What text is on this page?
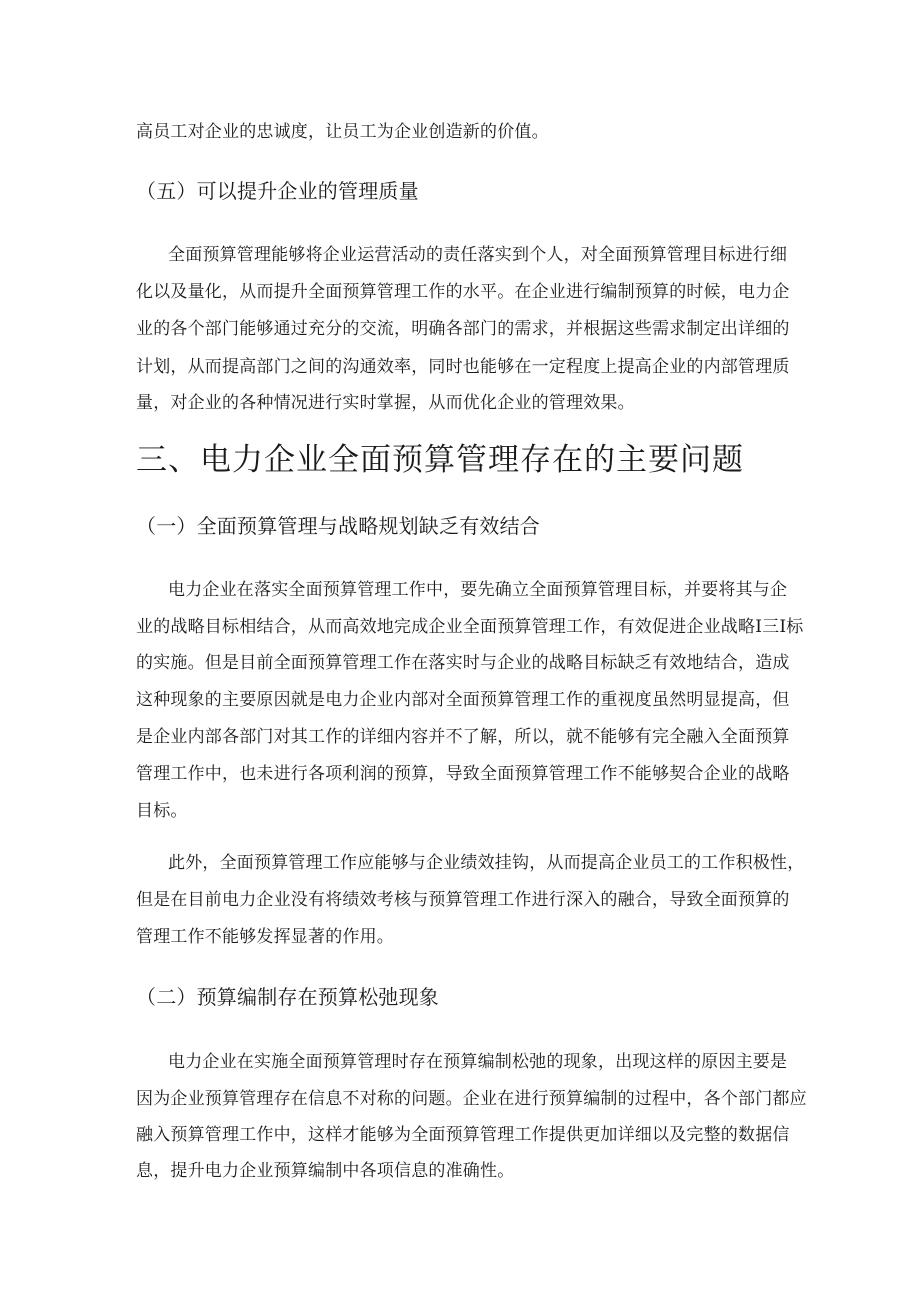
高员工对企业的忠诚度，让员工为企业创造新的价值。
（五）可以提升企业的管理质量
全面预算管理能够将企业运营活动的责任落实到个人，对全面预算管理目标进行细
化以及量化，从而提升全面预算管理工作的水平。在企业进行编制预算的时候，电力企
业的各个部门能够通过充分的交流，明确各部门的需求，并根据这些需求制定出详细的
计划，从而提高部门之间的沟通效率，同时也能够在一定程度上提高企业的内部管理质
量，对企业的各种情况进行实时掌握，从而优化企业的管理效果。
三、电力企业全面预算管理存在的主要问题
（一）全面预算管理与战略规划缺乏有效结合
电力企业在落实全面预算管理工作中，要先确立全面预算管理目标，并要将其与企
业的战略目标相结合，从而高效地完成企业全面预算管理工作，有效促进企业战略I三I标
的实施。但是目前全面预算管理工作在落实时与企业的战略目标缺乏有效地结合，造成
这种现象的主要原因就是电力企业内部对全面预算管理工作的重视度虽然明显提高，但
是企业内部各部门对其工作的详细内容并不了解，所以，就不能够有完全融入全面预算
管理工作中，也未进行各项利润的预算，导致全面预算管理工作不能够契合企业的战略
目标。
此外，全面预算管理工作应能够与企业绩效挂钩，从而提高企业员工的工作积极性，
但是在目前电力企业没有将绩效考核与预算管理工作进行深入的融合，导致全面预算的
管理工作不能够发挥显著的作用。
（二）预算编制存在预算松弛现象
电力企业在实施全面预算管理时存在预算编制松弛的现象，出现这样的原因主要是
因为企业预算管理存在信息不对称的问题。企业在进行预算编制的过程中，各个部门都应
融入预算管理工作中，这样才能够为全面预算管理工作提供更加详细以及完整的数据信
息，提升电力企业预算编制中各项信息的准确性。
